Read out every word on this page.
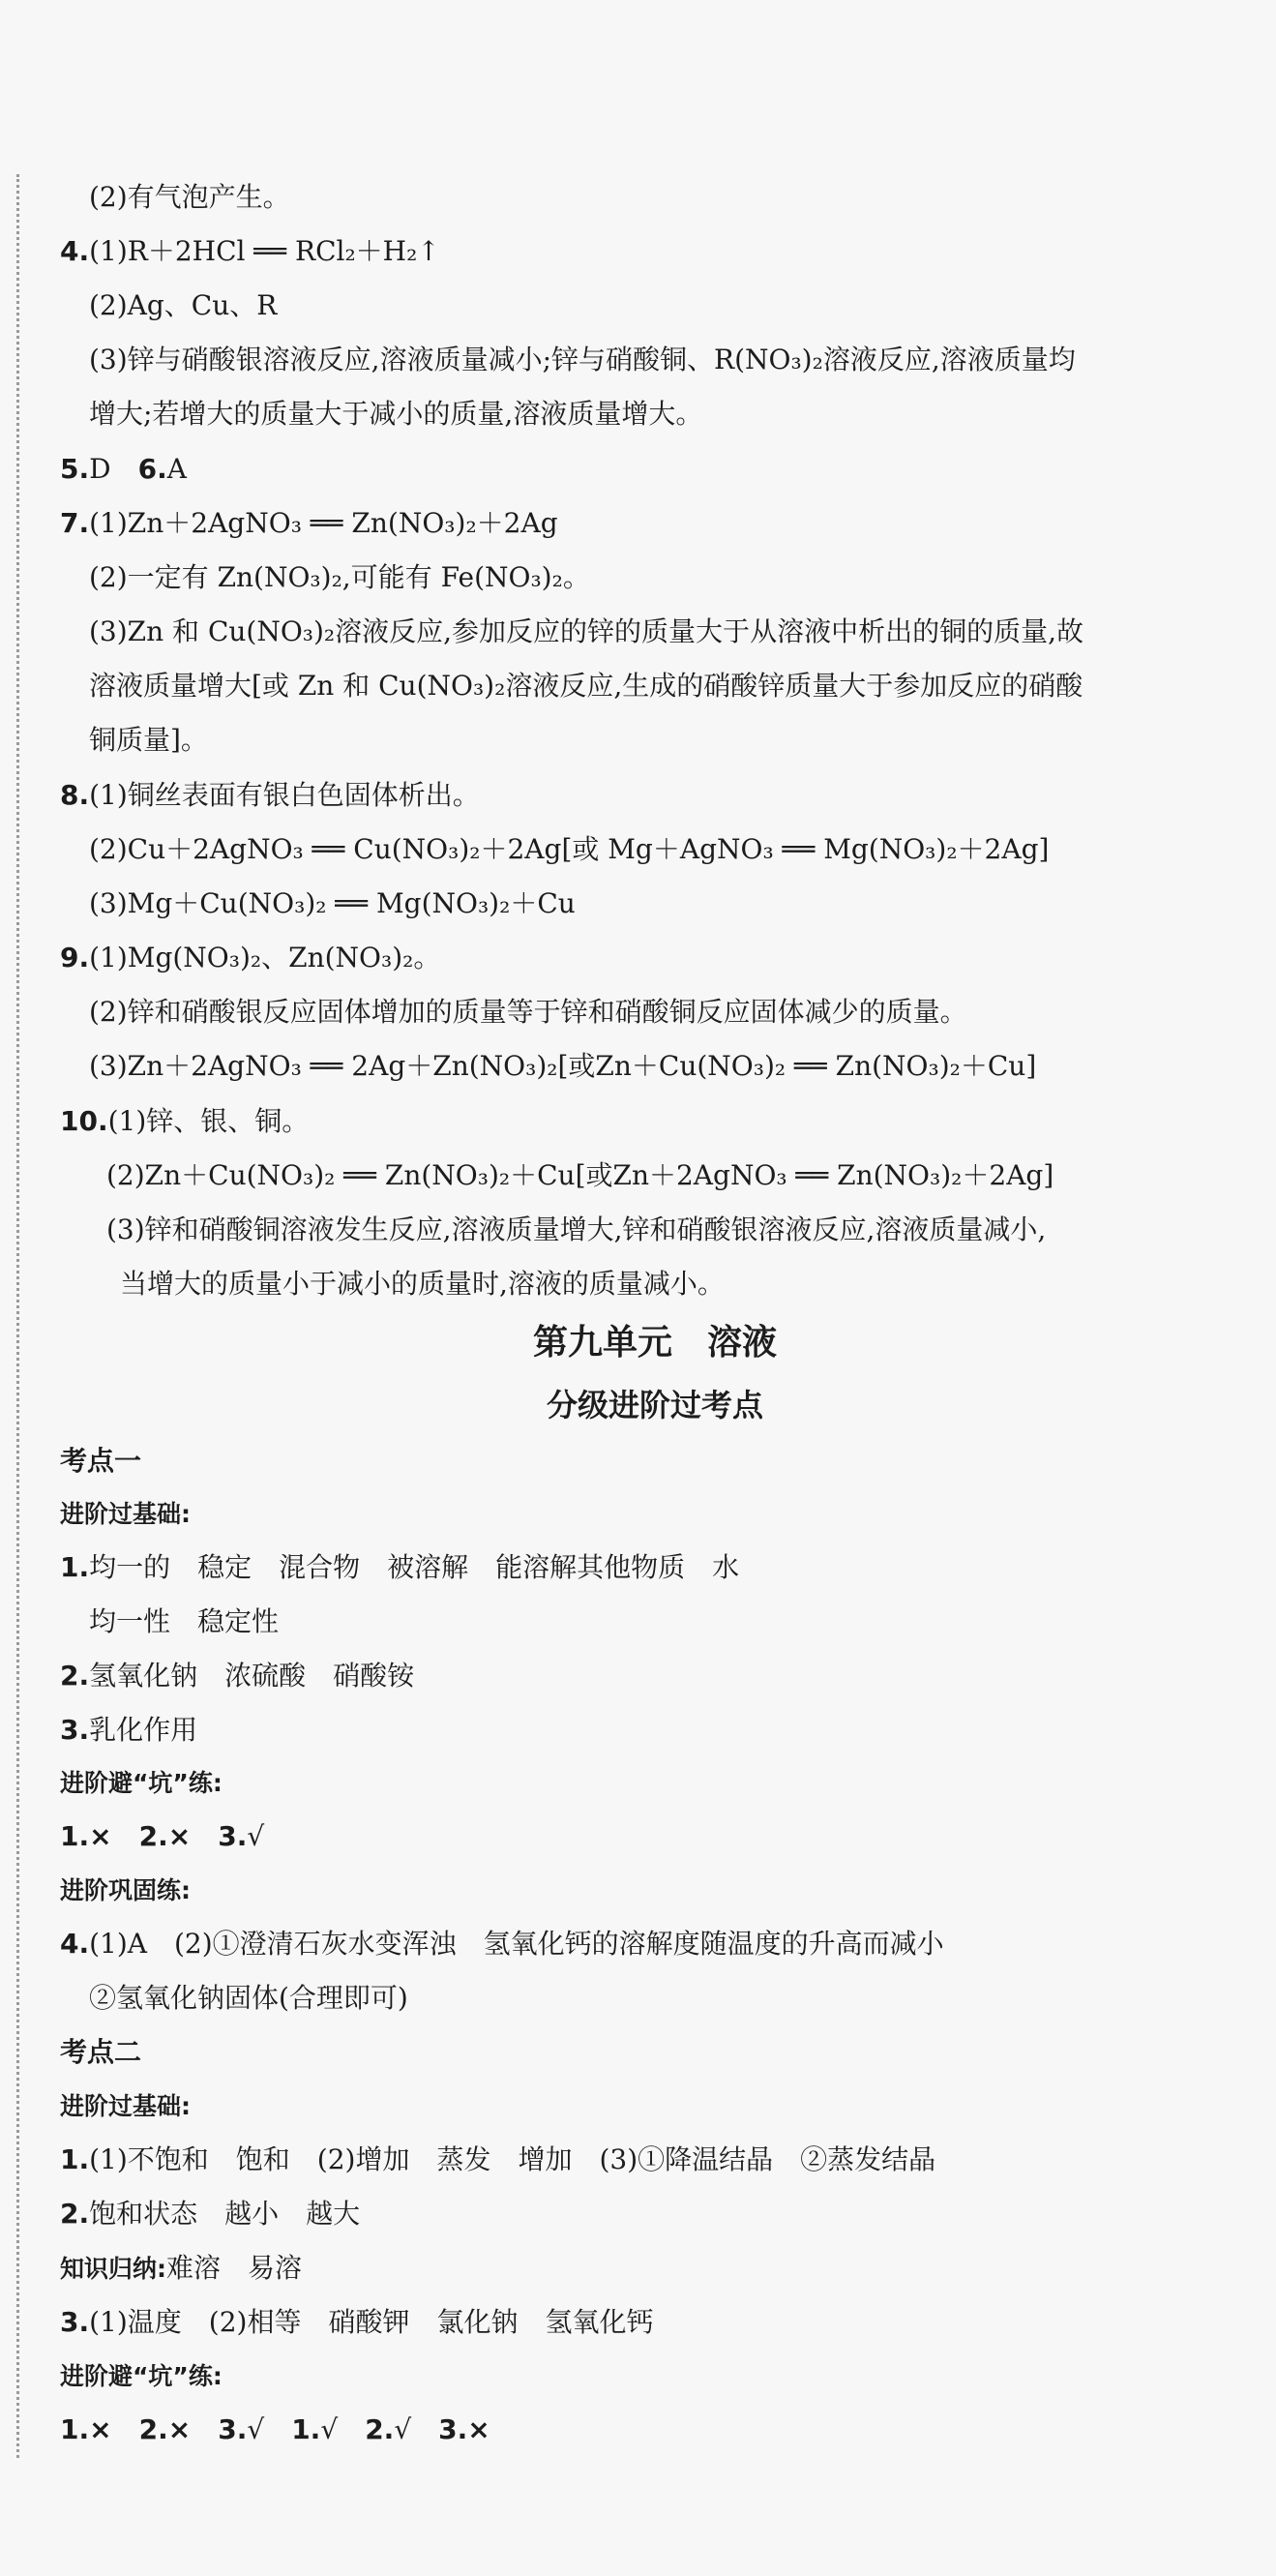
(2)有气泡产生。
4.(1)R＋2HCl ══ RCl₂＋H₂↑
(2)Ag、Cu、R
(3)锌与硝酸银溶液反应,溶液质量减小;锌与硝酸铜、R(NO₃)₂溶液反应,溶液质量均
增大;若增大的质量大于减小的质量,溶液质量增大。
5.D　 6.A
7.(1)Zn＋2AgNO₃ ══ Zn(NO₃)₂＋2Ag
(2)一定有 Zn(NO₃)₂,可能有 Fe(NO₃)₂。
(3)Zn 和 Cu(NO₃)₂溶液反应,参加反应的锌的质量大于从溶液中析出的铜的质量,故
溶液质量增大[或 Zn 和 Cu(NO₃)₂溶液反应,生成的硝酸锌质量大于参加反应的硝酸
铜质量]。
8.(1)铜丝表面有银白色固体析出。
(2)Cu＋2AgNO₃ ══ Cu(NO₃)₂＋2Ag[或 Mg＋AgNO₃ ══ Mg(NO₃)₂＋2Ag]
(3)Mg＋Cu(NO₃)₂ ══ Mg(NO₃)₂＋Cu
9.(1)Mg(NO₃)₂、Zn(NO₃)₂。
(2)锌和硝酸银反应固体增加的质量等于锌和硝酸铜反应固体减少的质量。
(3)Zn＋2AgNO₃ ══ 2Ag＋Zn(NO₃)₂[或Zn＋Cu(NO₃)₂ ══ Zn(NO₃)₂＋Cu]
10.(1)锌、银、铜。
(2)Zn＋Cu(NO₃)₂ ══ Zn(NO₃)₂＋Cu[或Zn＋2AgNO₃ ══ Zn(NO₃)₂＋2Ag]
(3)锌和硝酸铜溶液发生反应,溶液质量增大,锌和硝酸银溶液反应,溶液质量减小,
当增大的质量小于减小的质量时,溶液的质量减小。
第九单元　溶液
分级进阶过考点
考点一
进阶过基础:
1.均一的　稳定　混合物　被溶解　能溶解其他物质　水
均一性　稳定性
2.氢氧化钠　浓硫酸　硝酸铵
3.乳化作用
进阶避“坑”练:
1.×　 2.×　 3.√
进阶巩固练:
4.(1)A　(2)①澄清石灰水变浑浊　氢氧化钙的溶解度随温度的升高而减小
②氢氧化钠固体(合理即可)
考点二
进阶过基础:
1.(1)不饱和　饱和　(2)增加　蒸发　增加　(3)①降温结晶　②蒸发结晶
2.饱和状态　越小　越大
知识归纳:难溶　易溶
3.(1)温度　(2)相等　硝酸钾　氯化钠　氢氧化钙
进阶避“坑”练:
1.×　 2.×　 3.√　 1.√　 2.√　 3.×
